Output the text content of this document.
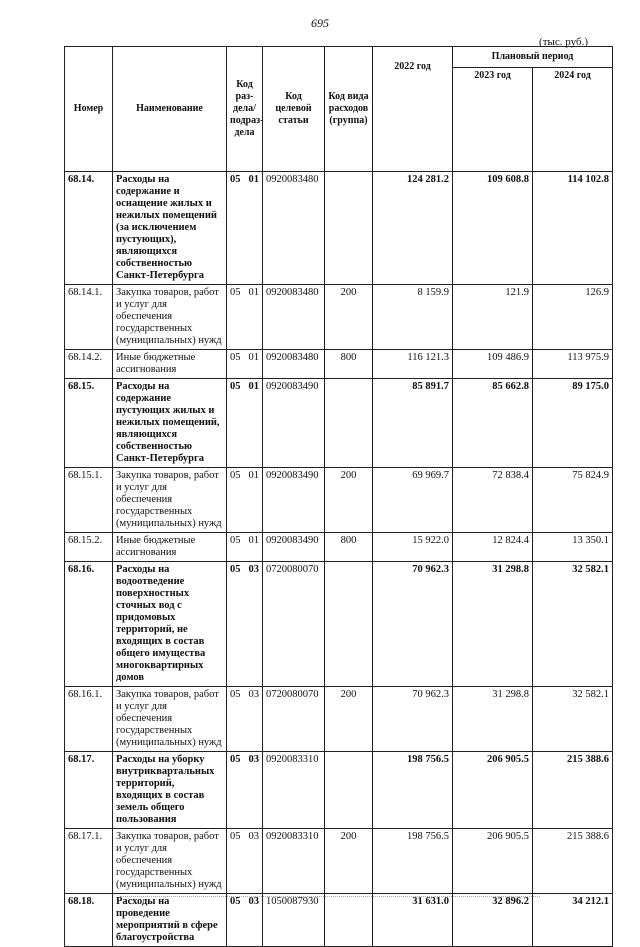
695
(тыс. руб.)
Номер	Наименование	Код раз-дела/ подраз-дела	Код целевой статьи	Код вида расходов (группа)	2022 год	Плановый период	
						2023 год	2024 год
68.14.	Расходы на содержание и оснащение жилых и нежилых помещений (за исключением пустующих), являющихся собственностью Санкт-Петербурга	05 01	0920083480		124 281.2	109 608.8	114 102.8
68.14.1.	Закупка товаров, работ и услуг для обеспечения государственных (муниципальных) нужд	05 01	0920083480	200	8 159.9	121.9	126.9
68.14.2.	Иные бюджетные ассигнования	05 01	0920083480	800	116 121.3	109 486.9	113 975.9
68.15.	Расходы на содержание пустующих жилых и нежилых помещений, являющихся собственностью Санкт-Петербурга	05 01	0920083490		85 891.7	85 662.8	89 175.0
68.15.1.	Закупка товаров, работ и услуг для обеспечения государственных (муниципальных) нужд	05 01	0920083490	200	69 969.7	72 838.4	75 824.9
68.15.2.	Иные бюджетные ассигнования	05 01	0920083490	800	15 922.0	12 824.4	13 350.1
68.16.	Расходы на водоотведение поверхностных сточных вод с придомовых территорий, не входящих в состав общего имущества многоквартирных домов	05 03	0720080070		70 962.3	31 298.8	32 582.1
68.16.1.	Закупка товаров, работ и услуг для обеспечения государственных (муниципальных) нужд	05 03	0720080070	200	70 962.3	31 298.8	32 582.1
68.17.	Расходы на уборку внутриквартальных территорий, входящих в состав земель общего пользования	05 03	0920083310		198 756.5	206 905.5	215 388.6
68.17.1.	Закупка товаров, работ и услуг для обеспечения государственных (муниципальных) нужд	05 03	0920083310	200	198 756.5	206 905.5	215 388.6
68.18.	Расходы на проведение мероприятий в сфере благоустройства	05 03	1050087930		31 631.0	32 896.2	34 212.1
